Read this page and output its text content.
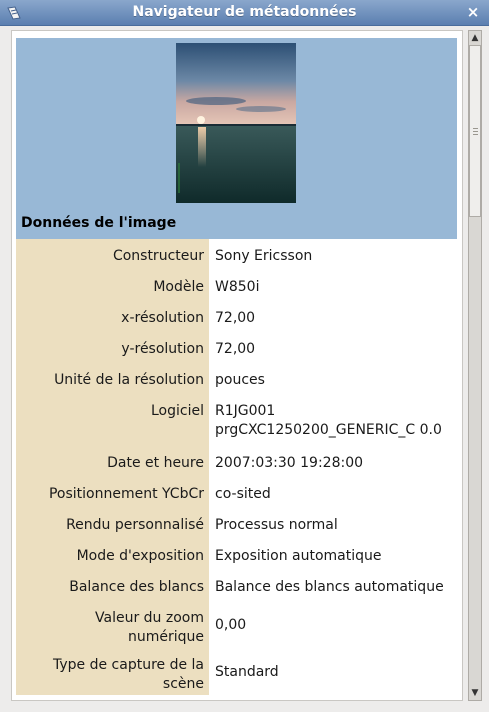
Navigateur de métadonnées	×
Données de l'image
Constructeur Sony Ericsson
Modèle W850i
x-résolution 72,00
y-résolution 72,00
Unité de la résolution pouces
Logiciel R1JG001
prgCXC1250200_GENERIC_C 0.0
Date et heure 2007:03:30 19:28:00
Positionnement YCbCr co-sited
Rendu personnalisé Processus normal
Mode d'exposition Exposition automatique
Balance des blancs Balance des blancs automatique
Valeur du zoom
numérique
0,00
Type de capture de la
scène
Standard
▲
▼
